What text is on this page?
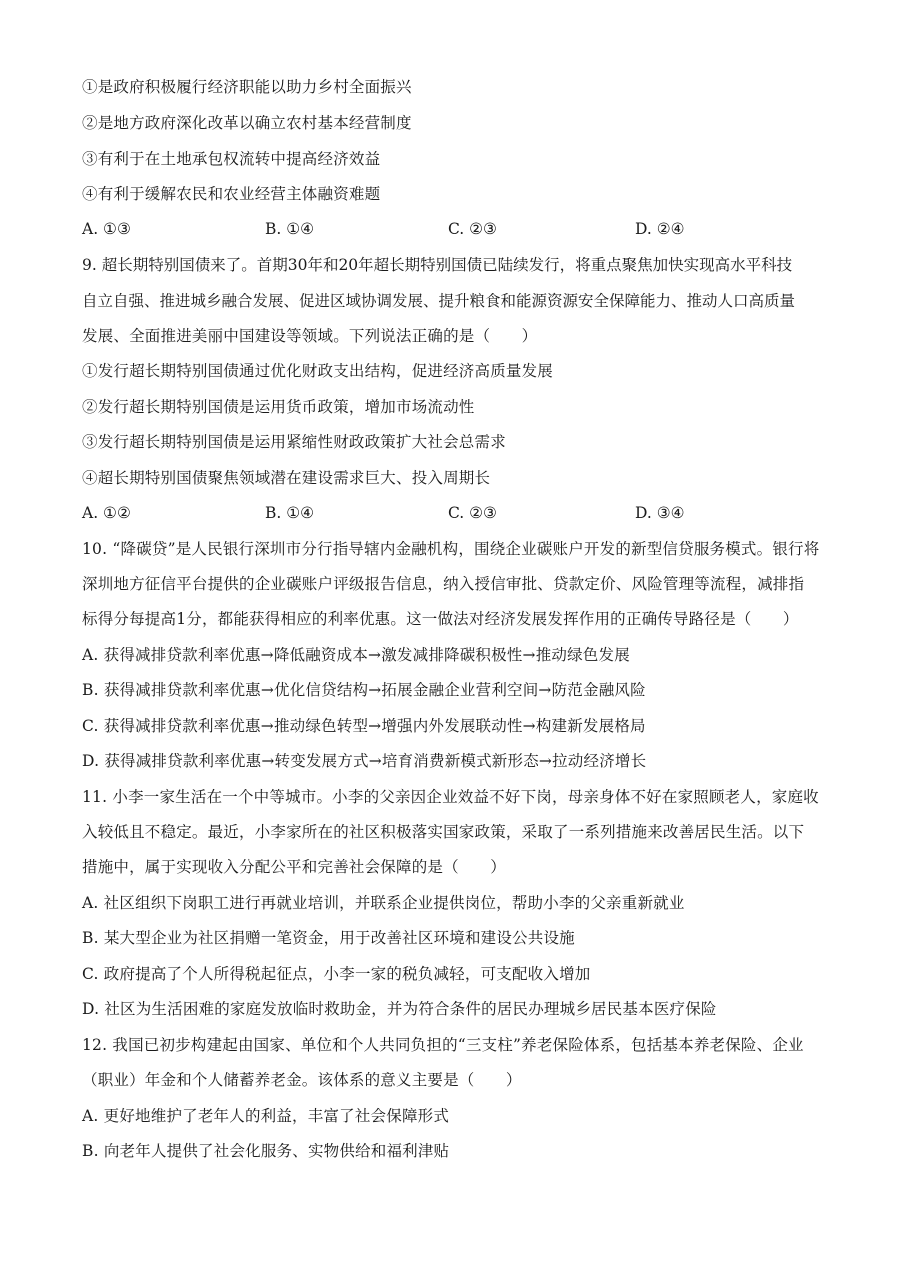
①是政府积极履行经济职能以助力乡村全面振兴
②是地方政府深化改革以确立农村基本经营制度
③有利于在土地承包权流转中提高经济效益
④有利于缓解农民和农业经营主体融资难题
A. ①③	B. ①④	C. ②③	D. ②④
9. 超长期特别国债来了。首期30年和20年超长期特别国债已陆续发行，将重点聚焦加快实现高水平科技
自立自强、推进城乡融合发展、促进区域协调发展、提升粮食和能源资源安全保障能力、推动人口高质量
发展、全面推进美丽中国建设等领域。下列说法正确的是（　　）
①发行超长期特别国债通过优化财政支出结构，促进经济高质量发展
②发行超长期特别国债是运用货币政策，增加市场流动性
③发行超长期特别国债是运用紧缩性财政政策扩大社会总需求
④超长期特别国债聚焦领域潜在建设需求巨大、投入周期长
A. ①②	B. ①④	C. ②③	D. ③④
10. “降碳贷”是人民银行深圳市分行指导辖内金融机构，围绕企业碳账户开发的新型信贷服务模式。银行将
深圳地方征信平台提供的企业碳账户评级报告信息，纳入授信审批、贷款定价、风险管理等流程，减排指
标得分每提高1分，都能获得相应的利率优惠。这一做法对经济发展发挥作用的正确传导路径是（　　）
A. 获得减排贷款利率优惠→降低融资成本→激发减排降碳积极性→推动绿色发展
B. 获得减排贷款利率优惠→优化信贷结构→拓展金融企业营利空间→防范金融风险
C. 获得减排贷款利率优惠→推动绿色转型→增强内外发展联动性→构建新发展格局
D. 获得减排贷款利率优惠→转变发展方式→培育消费新模式新形态→拉动经济增长
11. 小李一家生活在一个中等城市。小李的父亲因企业效益不好下岗，母亲身体不好在家照顾老人，家庭收
入较低且不稳定。最近，小李家所在的社区积极落实国家政策，采取了一系列措施来改善居民生活。以下
措施中，属于实现收入分配公平和完善社会保障的是（　　）
A. 社区组织下岗职工进行再就业培训，并联系企业提供岗位，帮助小李的父亲重新就业
B. 某大型企业为社区捐赠一笔资金，用于改善社区环境和建设公共设施
C. 政府提高了个人所得税起征点，小李一家的税负减轻，可支配收入增加
D. 社区为生活困难的家庭发放临时救助金，并为符合条件的居民办理城乡居民基本医疗保险
12. 我国已初步构建起由国家、单位和个人共同负担的“三支柱”养老保险体系，包括基本养老保险、企业
（职业）年金和个人储蓄养老金。该体系的意义主要是（　　）
A. 更好地维护了老年人的利益，丰富了社会保障形式
B. 向老年人提供了社会化服务、实物供给和福利津贴
